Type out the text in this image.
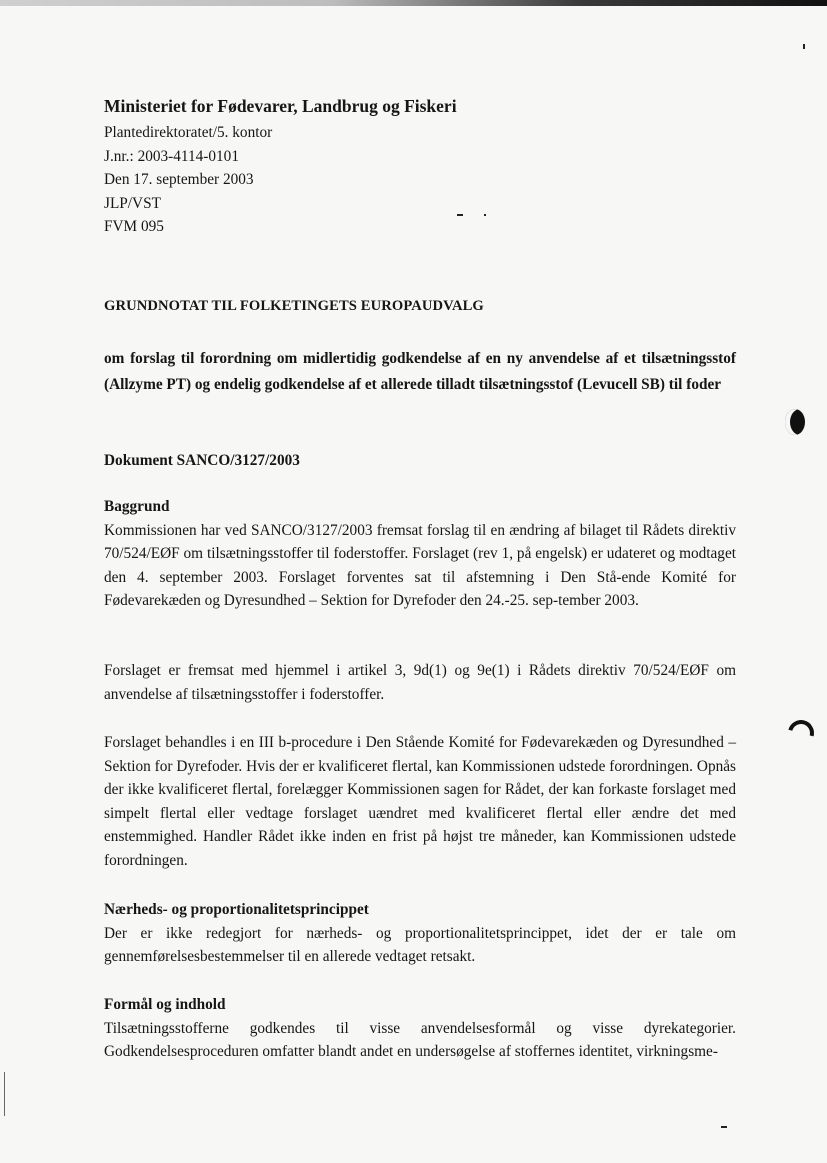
Ministeriet for Fødevarer, Landbrug og Fiskeri
Plantedirektoratet/5. kontor
J.nr.: 2003-4114-0101
Den 17. september 2003
JLP/VST
FVM 095
GRUNDNOTAT TIL FOLKETINGETS EUROPAUDVALG

om forslag til forordning om midlertidig godkendelse af en ny anvendelse af et tilsætningsstof (Allzyme PT) og endelig godkendelse af et allerede tilladt tilsætningsstof (Levucell SB) til foder

Dokument SANCO/3127/2003
Baggrund

Kommissionen har ved SANCO/3127/2003 fremsat forslag til en ændring af bilaget til Rådets direktiv 70/524/EØF om tilsætningsstoffer til foderstoffer. Forslaget (rev 1, på engelsk) er udateret og modtaget den 4. september 2003. Forslaget forventes sat til afstemning i Den Stå-ende Komité for Fødevarekæden og Dyresundhed – Sektion for Dyrefoder den 24.-25. sep-tember 2003.

Forslaget er fremsat med hjemmel i artikel 3, 9d(1) og 9e(1) i Rådets direktiv 70/524/EØF om anvendelse af tilsætningsstoffer i foderstoffer.

Forslaget behandles i en III b-procedure i Den Stående Komité for Fødevarekæden og Dyresundhed – Sektion for Dyrefoder. Hvis der er kvalificeret flertal, kan Kommissionen udstede forordningen. Opnås der ikke kvalificeret flertal, forelægger Kommissionen sagen for Rådet, der kan forkaste forslaget med simpelt flertal eller vedtage forslaget uændret med kvalificeret flertal eller ændre det med enstemmighed. Handler Rådet ikke inden en frist på højst tre måneder, kan Kommissionen udstede forordningen.

Nærheds- og proportionalitetsprincippet

Der er ikke redegjort for nærheds- og proportionalitetsprincippet, idet der er tale om gennemførelsesbestemmelser til en allerede vedtaget retsakt.

Formål og indhold

Tilsætningsstofferne godkendes til visse anvendelsesformål og visse dyrekategorier. Godkendelsesproceduren omfatter blandt andet en undersøgelse af stoffernes identitet, virkningsme-
